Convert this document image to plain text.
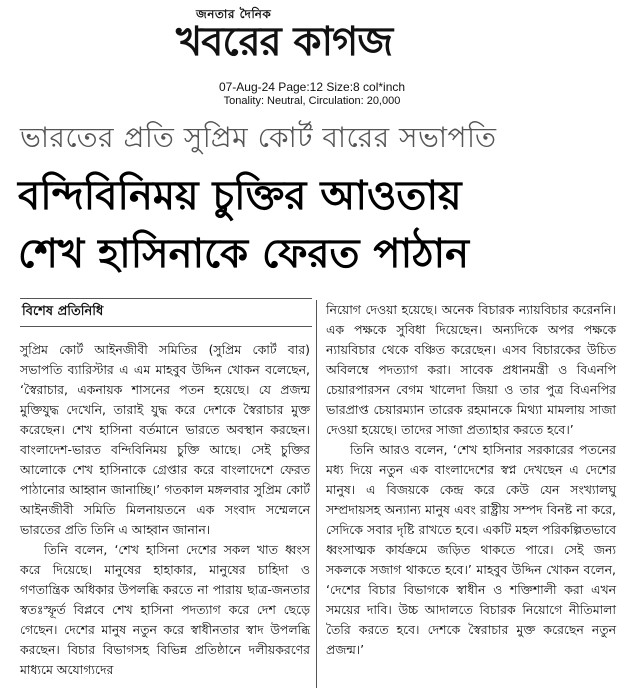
জনতার দৈনিক
খবরের কাগজ
07-Aug-24 Page:12 Size:8 col*inch
Tonality: Neutral, Circulation: 20,000
ভারতের প্রতি সুপ্রিম কোর্ট বারের সভাপতি
বন্দিবিনিময় চুক্তির আওতায়
শেখ হাসিনাকে ফেরত পাঠান
বিশেষ প্রতিনিধি

সুপ্রিম কোর্ট আইনজীবী সমিতির (সুপ্রিম কোর্ট বার) সভাপতি ব্যারিস্টার এ এম মাহবুব উদ্দিন খোকন বলেছেন, ‘স্বৈরাচার, একনায়ক শাসনের পতন হয়েছে। যে প্রজন্ম মুক্তিযুদ্ধ দেখেনি, তারাই যুদ্ধ করে দেশকে স্বৈরাচার মুক্ত করেছেন। শেখ হাসিনা বর্তমানে ভারতে অবস্থান করছেন। বাংলাদেশ-ভারত বন্দিবিনিময় চুক্তি আছে। সেই চুক্তির আলোকে শেখ হাসিনাকে গ্রেপ্তার করে বাংলাদেশে ফেরত পাঠানোর আহ্বান জানাচ্ছি।’ গতকাল মঙ্গলবার সুপ্রিম কোর্ট আইনজীবী সমিতি মিলনায়তনে এক সংবাদ সম্মেলনে ভারতের প্রতি তিনি এ আহ্বান জানান।

তিনি বলেন, ‘শেখ হাসিনা দেশের সকল খাত ধ্বংস করে দিয়েছে। মানুষের হাহাকার, মানুষের চাহিদা ও গণতান্ত্রিক অধিকার উপলব্ধি করতে না পারায় ছাত্র-জনতার স্বতঃস্ফূর্ত বিপ্লবে শেখ হাসিনা পদত্যাগ করে দেশ ছেড়ে গেছেন। দেশের মানুষ নতুন করে স্বাধীনতার স্বাদ উপলব্ধি করছেন। বিচার বিভাগসহ বিভিন্ন প্রতিষ্ঠানে দলীয়করণের মাধ্যমে অযোগ্যদের

নিয়োগ দেওয়া হয়েছে। অনেক বিচারক ন্যায়বিচার করেননি। এক পক্ষকে সুবিধা দিয়েছেন। অন্যদিকে অপর পক্ষকে ন্যায়বিচার থেকে বঞ্চিত করেছেন। এসব বিচারকের উচিত অবিলম্বে পদত্যাগ করা। সাবেক প্রধানমন্ত্রী ও বিএনপি চেয়ারপারসন বেগম খালেদা জিয়া ও তার পুত্র বিএনপির ভারপ্রাপ্ত চেয়ারম্যান তারেক রহমানকে মিথ্যা মামলায় সাজা দেওয়া হয়েছে। তাদের সাজা প্রত্যাহার করতে হবে।’

তিনি আরও বলেন, ‘শেখ হাসিনার সরকারের পতনের মধ্য দিয়ে নতুন এক বাংলাদেশের স্বপ্ন দেখছেন এ দেশের মানুষ। এ বিজয়কে কেন্দ্র করে কেউ যেন সংখ্যালঘু সম্প্রদায়সহ অন্যান্য মানুষ এবং রাষ্ট্রীয় সম্পদ বিনষ্ট না করে, সেদিকে সবার দৃষ্টি রাখতে হবে। একটি মহল পরিকল্পিতভাবে ধ্বংসাত্মক কার্যক্রমে জড়িত থাকতে পারে। সেই জন্য সকলকে সজাগ থাকতে হবে।’ মাহবুব উদ্দিন খোকন বলেন, ‘দেশের বিচার বিভাগকে স্বাধীন ও শক্তিশালী করা এখন সময়ের দাবি। উচ্চ আদালতে বিচারক নিয়োগে নীতিমালা তৈরি করতে হবে। দেশকে স্বৈরাচার মুক্ত করেছেন নতুন প্রজন্ম।’
